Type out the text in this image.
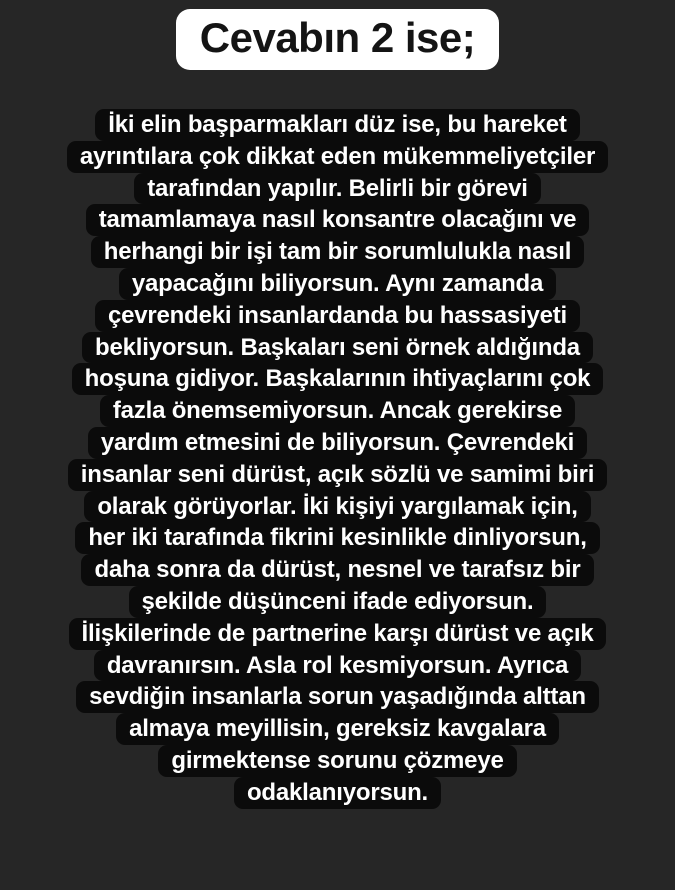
Cevabın 2 ise;
İki elin başparmakları düz ise, bu hareket
ayrıntılara çok dikkat eden mükemmeliyetçiler
tarafından yapılır. Belirli bir görevi
tamamlamaya nasıl konsantre olacağını ve
herhangi bir işi tam bir sorumlulukla nasıl
yapacağını biliyorsun. Aynı zamanda
çevrendeki insanlardanda bu hassasiyeti
bekliyorsun. Başkaları seni örnek aldığında
hoşuna gidiyor. Başkalarının ihtiyaçlarını çok
fazla önemsemiyorsun. Ancak gerekirse
yardım etmesini de biliyorsun. Çevrendeki
insanlar seni dürüst, açık sözlü ve samimi biri
olarak görüyorlar. İki kişiyi yargılamak için,
her iki tarafında fikrini kesinlikle dinliyorsun,
daha sonra da dürüst, nesnel ve tarafsız bir
şekilde düşünceni ifade ediyorsun.
İlişkilerinde de partnerine karşı dürüst ve açık
davranırsın. Asla rol kesmiyorsun. Ayrıca
sevdiğin insanlarla sorun yaşadığında alttan
almaya meyillisin, gereksiz kavgalara
girmektense sorunu çözmeye
odaklanıyorsun.
